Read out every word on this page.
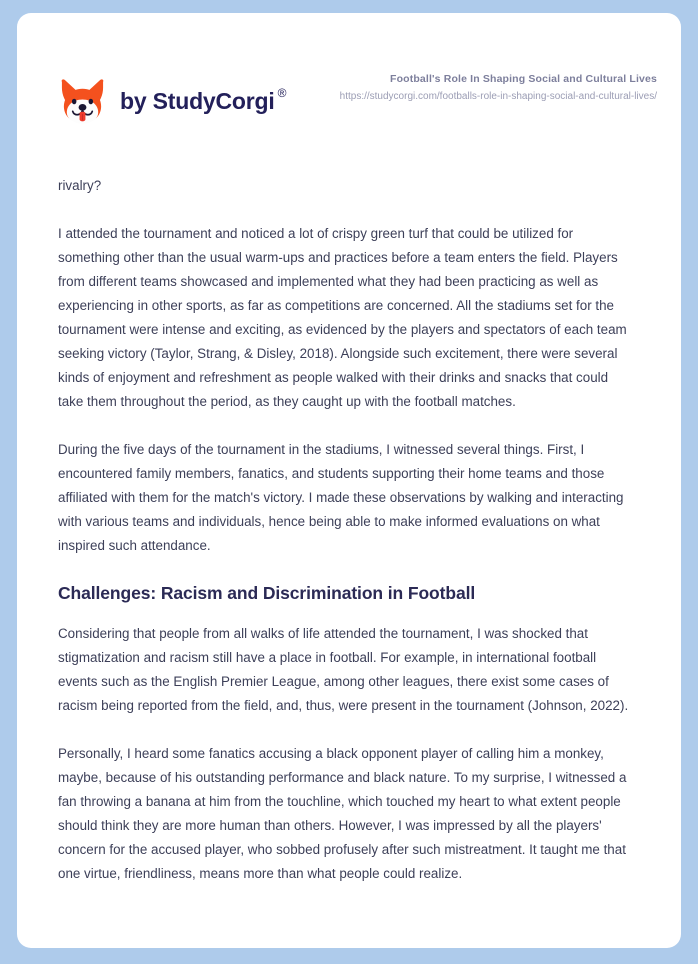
by StudyCorgi ®
Football's Role In Shaping Social and Cultural Lives
https://studycorgi.com/footballs-role-in-shaping-social-and-cultural-lives/

rivalry?

I attended the tournament and noticed a lot of crispy green turf that could be utilized for something other than the usual warm-ups and practices before a team enters the field. Players from different teams showcased and implemented what they had been practicing as well as experiencing in other sports, as far as competitions are concerned. All the stadiums set for the tournament were intense and exciting, as evidenced by the players and spectators of each team seeking victory (Taylor, Strang, & Disley, 2018). Alongside such excitement, there were several kinds of enjoyment and refreshment as people walked with their drinks and snacks that could take them throughout the period, as they caught up with the football matches.

During the five days of the tournament in the stadiums, I witnessed several things. First, I encountered family members, fanatics, and students supporting their home teams and those affiliated with them for the match's victory. I made these observations by walking and interacting with various teams and individuals, hence being able to make informed evaluations on what inspired such attendance.

Challenges: Racism and Discrimination in Football

Considering that people from all walks of life attended the tournament, I was shocked that stigmatization and racism still have a place in football. For example, in international football events such as the English Premier League, among other leagues, there exist some cases of racism being reported from the field, and, thus, were present in the tournament (Johnson, 2022).

Personally, I heard some fanatics accusing a black opponent player of calling him a monkey, maybe, because of his outstanding performance and black nature. To my surprise, I witnessed a fan throwing a banana at him from the touchline, which touched my heart to what extent people should think they are more human than others. However, I was impressed by all the players' concern for the accused player, who sobbed profusely after such mistreatment. It taught me that one virtue, friendliness, means more than what people could realize.
